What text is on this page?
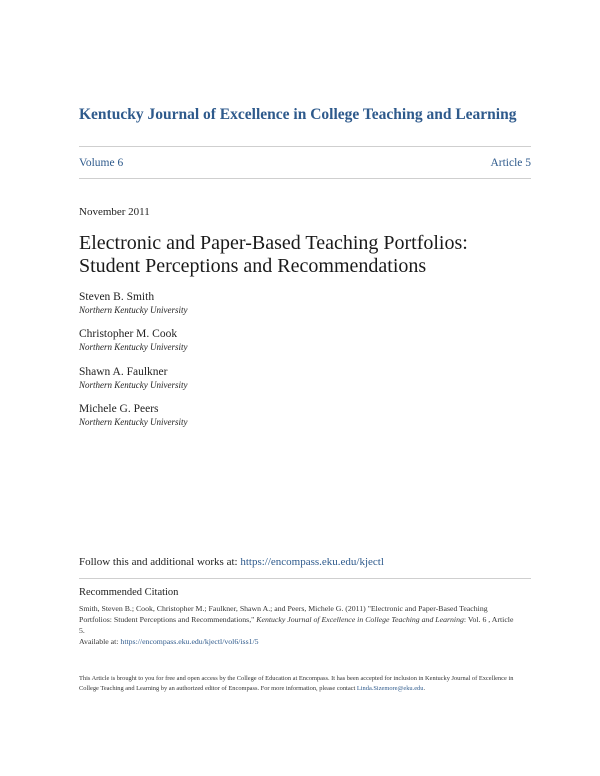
Kentucky Journal of Excellence in College Teaching and Learning
Volume 6	Article 5
November 2011
Electronic and Paper-Based Teaching Portfolios:
Student Perceptions and Recommendations
Steven B. Smith
Northern Kentucky University
Christopher M. Cook
Northern Kentucky University
Shawn A. Faulkner
Northern Kentucky University
Michele G. Peers
Northern Kentucky University
Follow this and additional works at: https://encompass.eku.edu/kjectl
Recommended Citation
Smith, Steven B.; Cook, Christopher M.; Faulkner, Shawn A.; and Peers, Michele G. (2011) "Electronic and Paper-Based Teaching Portfolios: Student Perceptions and Recommendations," Kentucky Journal of Excellence in College Teaching and Learning: Vol. 6 , Article 5.
Available at: https://encompass.eku.edu/kjectl/vol6/iss1/5
This Article is brought to you for free and open access by the College of Education at Encompass. It has been accepted for inclusion in Kentucky Journal of Excellence in College Teaching and Learning by an authorized editor of Encompass. For more information, please contact Linda.Sizemore@eku.edu.
